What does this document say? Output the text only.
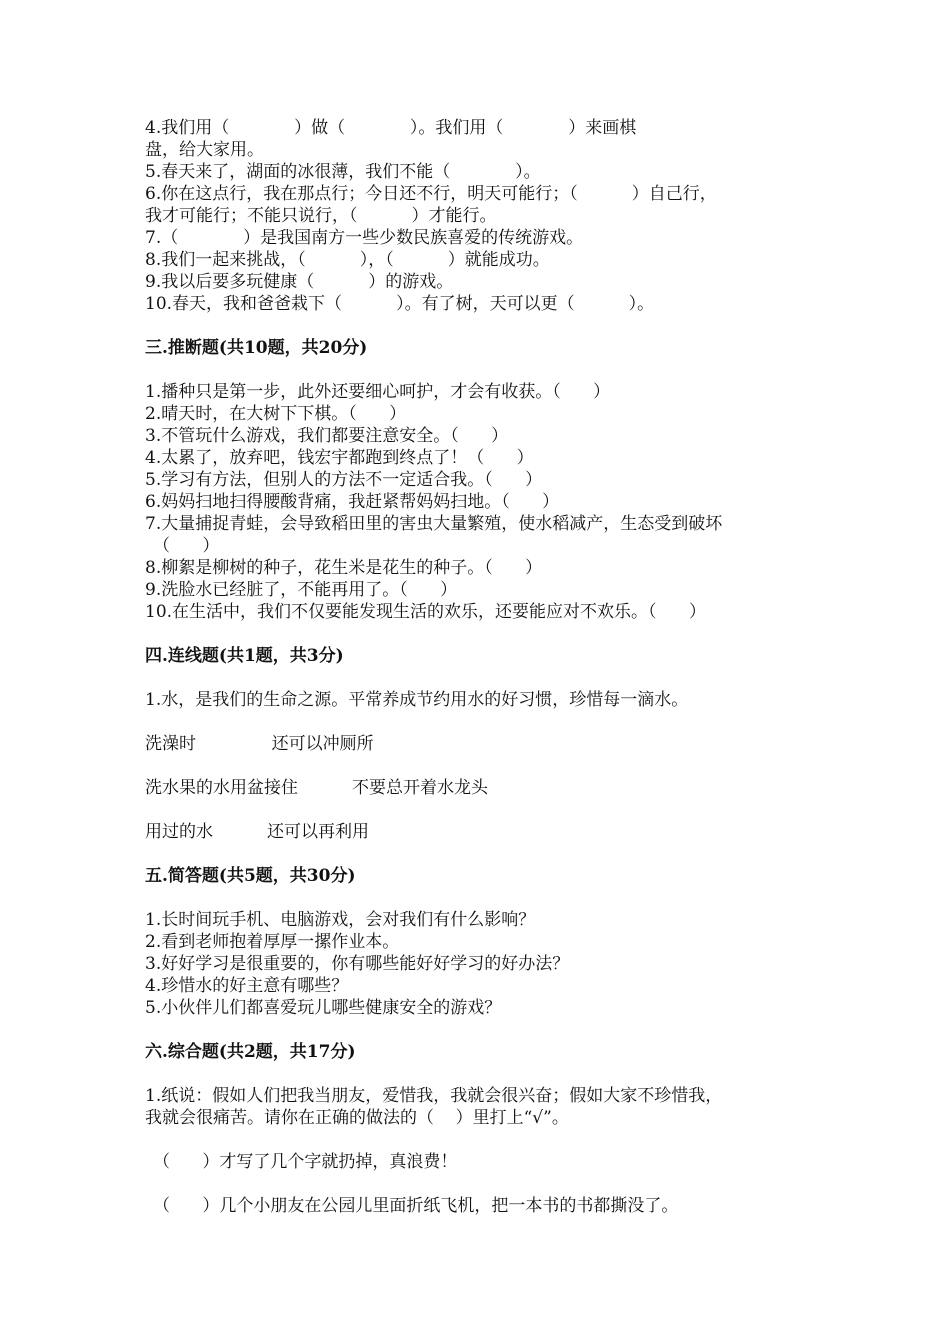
4.我们用（            ）做（            ）。我们用（            ）来画棋

盘，给大家用。

5.春天来了，湖面的冰很薄，我们不能（            ）。

6.你在这点行，我在那点行；今日还不行，明天可能行；（          ）自己行，

我才可能行；不能只说行，（          ）才能行。

7.（            ）是我国南方一些少数民族喜爱的传统游戏。

8.我们一起来挑战，（          ），（          ）就能成功。

9.我以后要多玩健康（          ）的游戏。

10.春天，我和爸爸栽下（          ）。有了树，天可以更（          ）。

三.推断题(共10题，共20分)

1.播种只是第一步，此外还要细心呵护，才会有收获。（      ）

2.晴天时，在大树下下棋。（      ）

3.不管玩什么游戏，我们都要注意安全。（      ）

4.太累了，放弃吧，钱宏宇都跑到终点了！（      ）

5.学习有方法，但别人的方法不一定适合我。（      ）

6.妈妈扫地扫得腰酸背痛，我赶紧帮妈妈扫地。（      ）

7.大量捕捉青蛙，会导致稻田里的害虫大量繁殖，使水稻减产，生态受到破坏

（      ）

8.柳絮是柳树的种子，花生米是花生的种子。（      ）

9.洗脸水已经脏了，不能再用了。（      ）

10.在生活中，我们不仅要能发现生活的欢乐，还要能应对不欢乐。（      ）

四.连线题(共1题，共3分)

1.水，是我们的生命之源。平常养成节约用水的好习惯，珍惜每一滴水。

洗澡时              还可以冲厕所

洗水果的水用盆接住          不要总开着水龙头

用过的水          还可以再利用

五.简答题(共5题，共30分)

1.长时间玩手机、电脑游戏，会对我们有什么影响？

2.看到老师抱着厚厚一摞作业本。

3.好好学习是很重要的，你有哪些能好好学习的好办法？

4.珍惜水的好主意有哪些？

5.小伙伴儿们都喜爱玩儿哪些健康安全的游戏？

六.综合题(共2题，共17分)

1.纸说：假如人们把我当朋友，爱惜我，我就会很兴奋；假如大家不珍惜我，

我就会很痛苦。请你在正确的做法的（    ）里打上“√”。

（      ）才写了几个字就扔掉，真浪费！

（      ）几个小朋友在公园儿里面折纸飞机，把一本书的书都撕没了。
